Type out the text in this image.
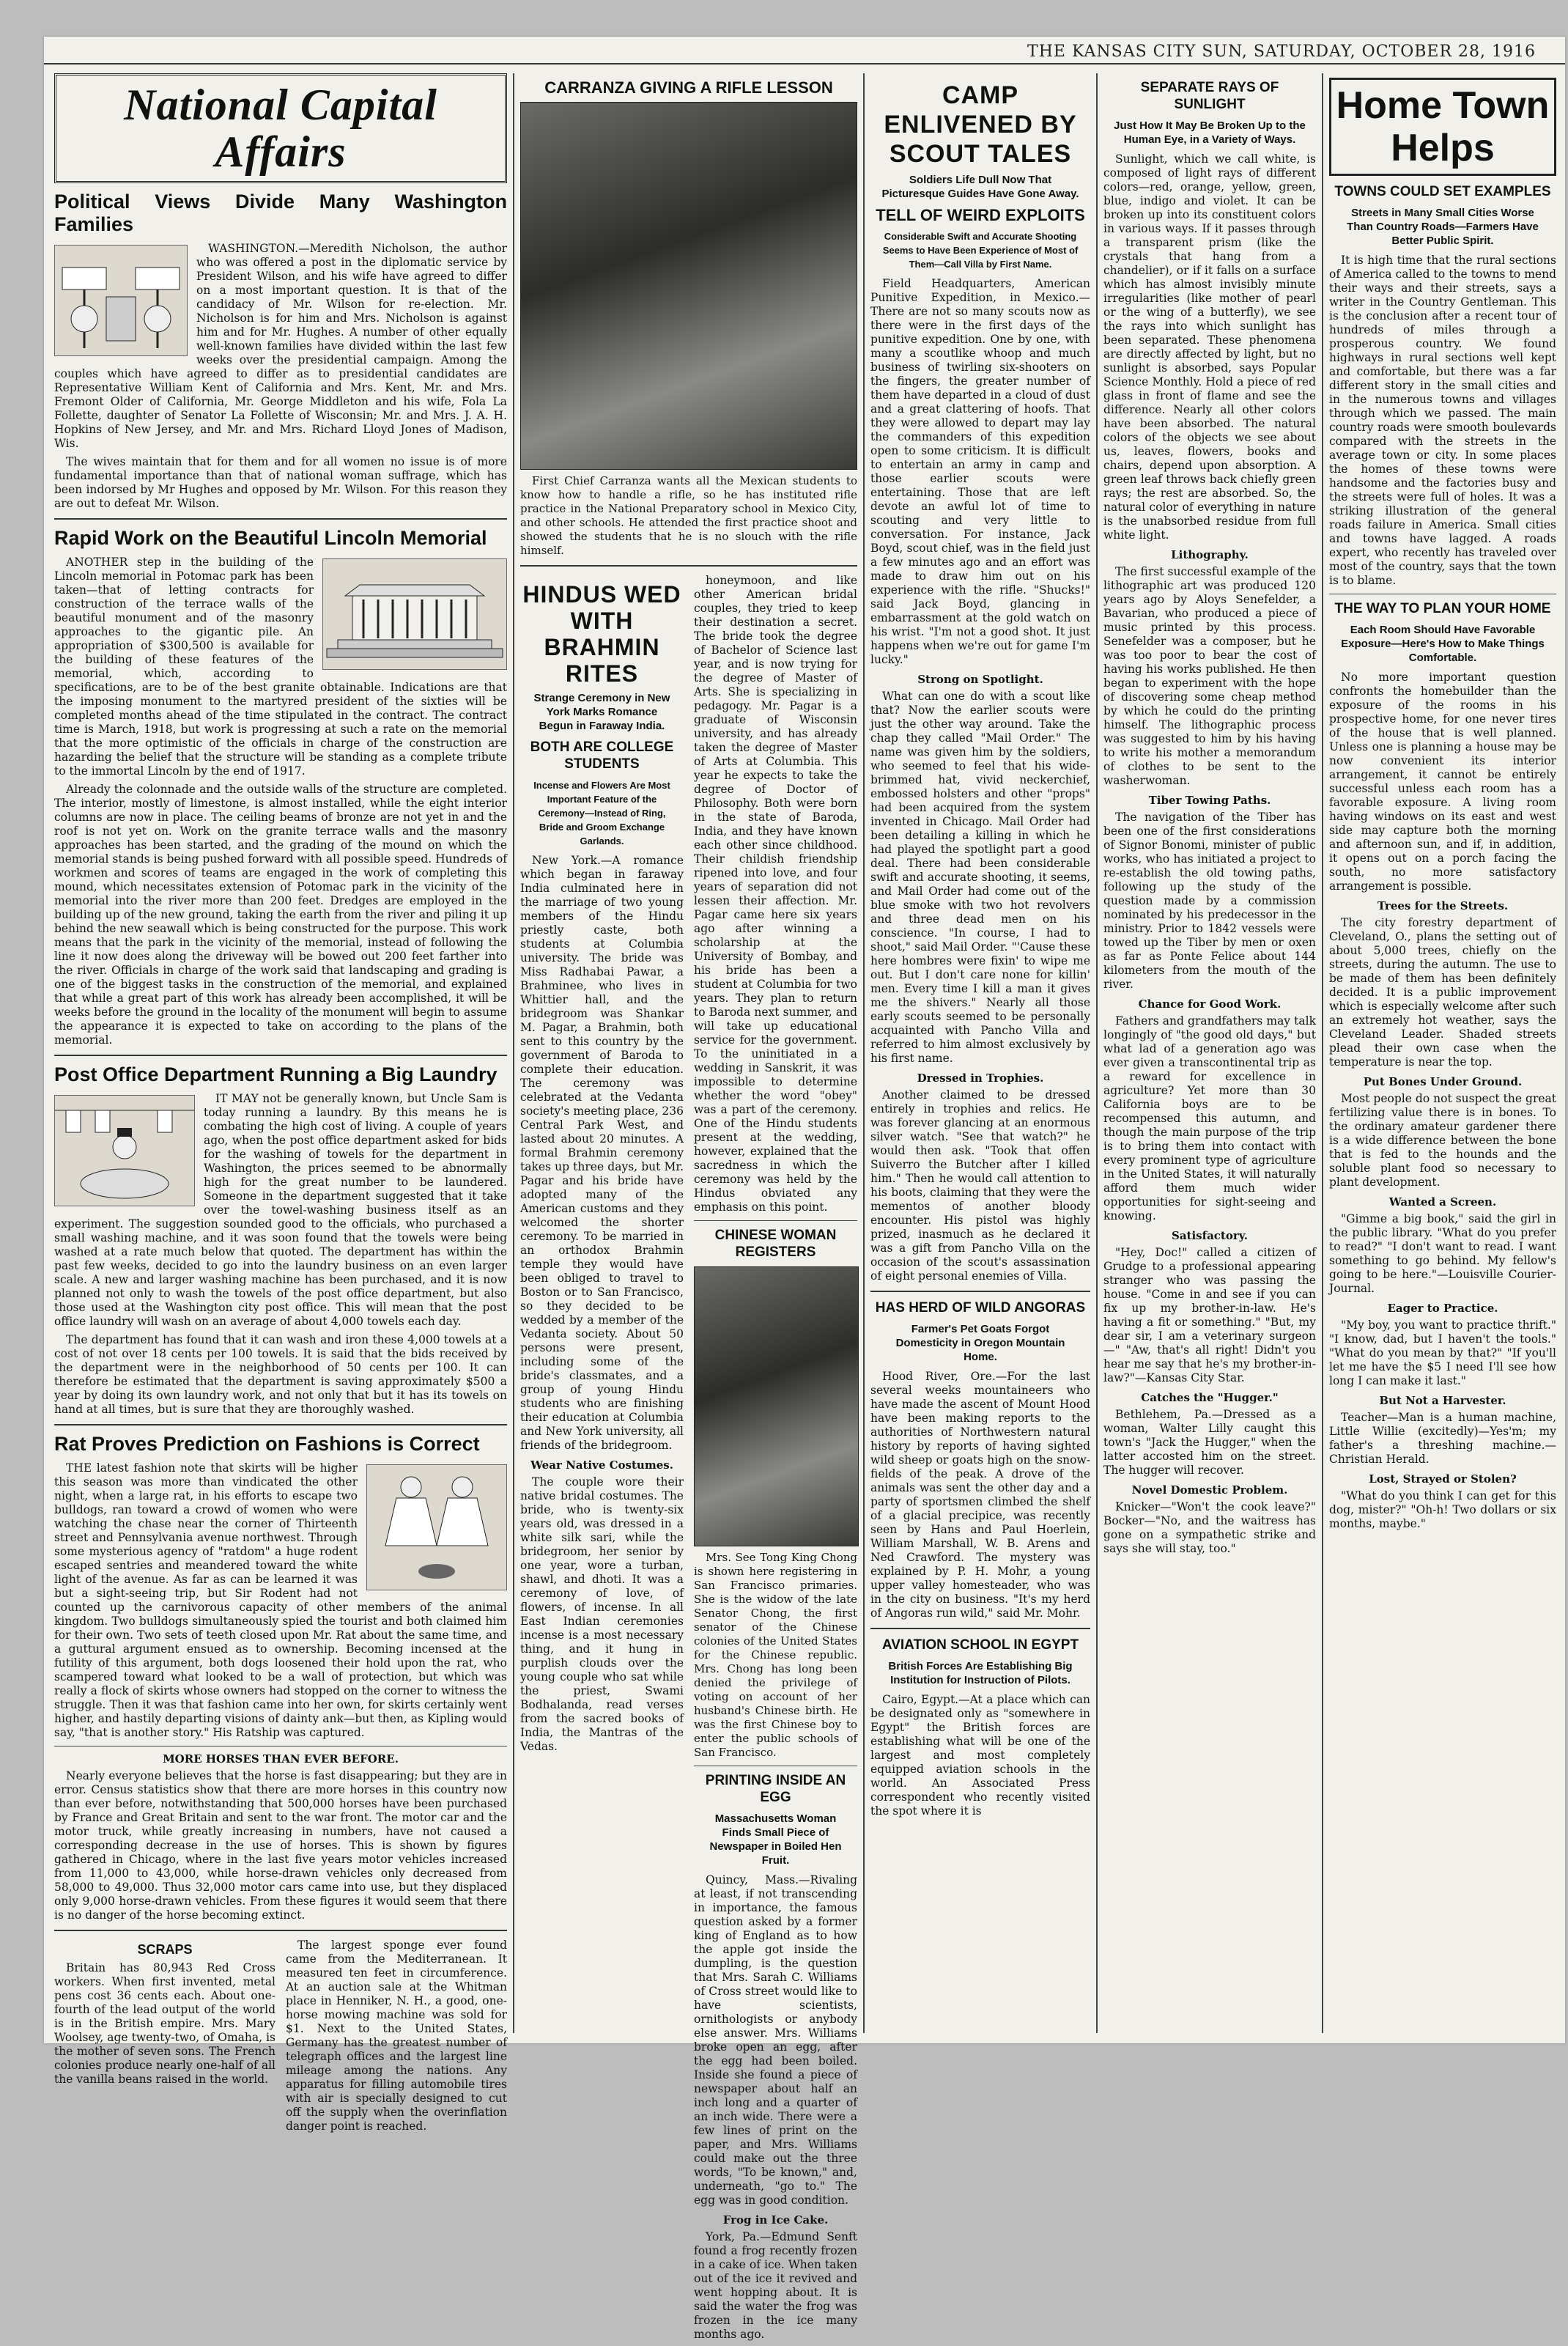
THE KANSAS CITY SUN, SATURDAY, OCTOBER 28, 1916
National Capital Affairs
Political Views Divide Many Washington Families

WASHINGTON.—Meredith Nicholson, the author who was offered a post in the diplomatic service by President Wilson, and his wife have agreed to differ on a most important question. It is that of the candidacy of Mr. Wilson for re-election. Mr. Nicholson is for him and Mrs. Nicholson is against him and for Mr. Hughes. A number of other equally well-known families have divided within the last few weeks over the presidential campaign. Among the couples which have agreed to differ as to presidential candidates are Representative William Kent of California and Mrs. Kent, Mr. and Mrs. Fremont Older of California, Mr. George Middleton and his wife, Fola La Follette, daughter of Senator La Follette of Wisconsin; Mr. and Mrs. J. A. H. Hopkins of New Jersey, and Mr. and Mrs. Richard Lloyd Jones of Madison, Wis.

The wives maintain that for them and for all women no issue is of more fundamental importance than that of national woman suffrage, which has been indorsed by Mr Hughes and opposed by Mr. Wilson. For this reason they are out to defeat Mr. Wilson.

Rapid Work on the Beautiful Lincoln Memorial

ANOTHER step in the building of the Lincoln memorial in Potomac park has been taken—that of letting contracts for construction of the terrace walls of the beautiful monument and of the masonry approaches to the gigantic pile. An appropriation of $300,500 is available for the building of these features of the memorial, which, according to specifications, are to be of the best granite obtainable. Indications are that the imposing monument to the martyred president of the sixties will be completed months ahead of the time stipulated in the contract. The contract time is March, 1918, but work is progressing at such a rate on the memorial that the more optimistic of the officials in charge of the construction are hazarding the belief that the structure will be standing as a complete tribute to the immortal Lincoln by the end of 1917.

Already the colonnade and the outside walls of the structure are completed. The interior, mostly of limestone, is almost installed, while the eight interior columns are now in place. The ceiling beams of bronze are not yet in and the roof is not yet on. Work on the granite terrace walls and the masonry approaches has been started, and the grading of the mound on which the memorial stands is being pushed forward with all possible speed. Hundreds of workmen and scores of teams are engaged in the work of completing this mound, which necessitates extension of Potomac park in the vicinity of the memorial into the river more than 200 feet. Dredges are employed in the building up of the new ground, taking the earth from the river and piling it up behind the new seawall which is being constructed for the purpose. This work means that the park in the vicinity of the memorial, instead of following the line it now does along the driveway will be bowed out 200 feet farther into the river. Officials in charge of the work said that landscaping and grading is one of the biggest tasks in the construction of the memorial, and explained that while a great part of this work has already been accomplished, it will be weeks before the ground in the locality of the monument will begin to assume the appearance it is expected to take on according to the plans of the memorial.

Post Office Department Running a Big Laundry

IT MAY not be generally known, but Uncle Sam is today running a laundry. By this means he is combating the high cost of living. A couple of years ago, when the post office department asked for bids for the washing of towels for the department in Washington, the prices seemed to be abnormally high for the great number to be laundered. Someone in the department suggested that it take over the towel-washing business itself as an experiment. The suggestion sounded good to the officials, who purchased a small washing machine, and it was soon found that the towels were being washed at a rate much below that quoted. The department has within the past few weeks, decided to go into the laundry business on an even larger scale. A new and larger washing machine has been purchased, and it is now planned not only to wash the towels of the post office department, but also those used at the Washington city post office. This will mean that the post office laundry will wash on an average of about 4,000 towels each day.

The department has found that it can wash and iron these 4,000 towels at a cost of not over 18 cents per 100 towels. It is said that the bids received by the department were in the neighborhood of 50 cents per 100. It can therefore be estimated that the department is saving approximately $500 a year by doing its own laundry work, and not only that but it has its towels on hand at all times, but is sure that they are thoroughly washed.

Rat Proves Prediction on Fashions is Correct

THE latest fashion note that skirts will be higher this season was more than vindicated the other night, when a large rat, in his efforts to escape two bulldogs, ran toward a crowd of women who were watching the chase near the corner of Thirteenth street and Pennsylvania avenue northwest. Through some mysterious agency of "ratdom" a huge rodent escaped sentries and meandered toward the white light of the avenue. As far as can be learned it was but a sight-seeing trip, but Sir Rodent had not counted up the carnivorous capacity of other members of the animal kingdom. Two bulldogs simultaneously spied the tourist and both claimed him for their own. Two sets of teeth closed upon Mr. Rat about the same time, and a guttural argument ensued as to ownership. Becoming incensed at the futility of this argument, both dogs loosened their hold upon the rat, who scampered toward what looked to be a wall of protection, but which was really a flock of skirts whose owners had stopped on the corner to witness the struggle. Then it was that fashion came into her own, for skirts certainly went higher, and hastily departing visions of dainty ank—but then, as Kipling would say, "that is another story." His Ratship was captured.

MORE HORSES THAN EVER BEFORE.

Nearly everyone believes that the horse is fast disappearing; but they are in error. Census statistics show that there are more horses in this country now than ever before, notwithstanding that 500,000 horses have been purchased by France and Great Britain and sent to the war front. The motor car and the motor truck, while greatly increasing in numbers, have not caused a corresponding decrease in the use of horses. This is shown by figures gathered in Chicago, where in the last five years motor vehicles increased from 11,000 to 43,000, while horse-drawn vehicles only decreased from 58,000 to 49,000. Thus 32,000 motor cars came into use, but they displaced only 9,000 horse-drawn vehicles. From these figures it would seem that there is no danger of the horse becoming extinct.

SCRAPS

Britain has 80,943 Red Cross workers. When first invented, metal pens cost 36 cents each. About one-fourth of the lead output of the world is in the British empire. Mrs. Mary Woolsey, age twenty-two, of Omaha, is the mother of seven sons. The French colonies produce nearly one-half of all the vanilla beans raised in the world.

The largest sponge ever found came from the Mediterranean. It measured ten feet in circumference. At an auction sale at the Whitman place in Henniker, N. H., a good, one-horse mowing machine was sold for $1. Next to the United States, Germany has the greatest number of telegraph offices and the largest line mileage among the nations. Any apparatus for filling automobile tires with air is specially designed to cut off the supply when the overinflation danger point is reached.

CARRANZA GIVING A RIFLE LESSON

First Chief Carranza wants all the Mexican students to know how to handle a rifle, so he has instituted rifle practice in the National Preparatory school in Mexico City, and other schools. He attended the first practice shoot and showed the students that he is no slouch with the rifle himself.

HINDUS WED WITH BRAHMIN RITES
Strange Ceremony in New York Marks Romance Begun in Faraway India.
BOTH ARE COLLEGE STUDENTS
Incense and Flowers Are Most Important Feature of the Ceremony—Instead of Ring, Bride and Groom Exchange Garlands.

New York.—A romance which began in faraway India culminated here in the marriage of two young members of the Hindu priestly caste, both students at Columbia university. The bride was Miss Radhabai Pawar, a Brahminee, who lives in Whittier hall, and the bridegroom was Shankar M. Pagar, a Brahmin, both sent to this country by the government of Baroda to complete their education. The ceremony was celebrated at the Vedanta society's meeting place, 236 Central Park West, and lasted about 20 minutes. A formal Brahmin ceremony takes up three days, but Mr. Pagar and his bride have adopted many of the American customs and they welcomed the shorter ceremony. To be married in an orthodox Brahmin temple they would have been obliged to travel to Boston or to San Francisco, so they decided to be wedded by a member of the Vedanta society. About 50 persons were present, including some of the bride's classmates, and a group of young Hindu students who are finishing their education at Columbia and New York university, all friends of the bridegroom.

Wear Native Costumes.

The couple wore their native bridal costumes. The bride, who is twenty-six years old, was dressed in a white silk sari, while the bridegroom, her senior by one year, wore a turban, shawl, and dhoti. It was a ceremony of love, of flowers, of incense. In all East Indian ceremonies incense is a most necessary thing, and it hung in purplish clouds over the young couple who sat while the priest, Swami Bodhalanda, read verses from the sacred books of India, the Mantras of the Vedas.

honeymoon, and like other American bridal couples, they tried to keep their destination a secret. The bride took the degree of Bachelor of Science last year, and is now trying for the degree of Master of Arts. She is specializing in pedagogy. Mr. Pagar is a graduate of Wisconsin university, and has already taken the degree of Master of Arts at Columbia. This year he expects to take the degree of Doctor of Philosophy. Both were born in the state of Baroda, India, and they have known each other since childhood. Their childish friendship ripened into love, and four years of separation did not lessen their affection. Mr. Pagar came here six years ago after winning a scholarship at the University of Bombay, and his bride has been a student at Columbia for two years. They plan to return to Baroda next summer, and will take up educational service for the government. To the uninitiated in a wedding in Sanskrit, it was impossible to determine whether the word "obey" was a part of the ceremony. One of the Hindu students present at the wedding, however, explained that the sacredness in which the ceremony was held by the Hindus obviated any emphasis on this point.

CHINESE WOMAN REGISTERS

Mrs. See Tong King Chong is shown here registering in San Francisco primaries. She is the widow of the late Senator Chong, the first senator of the Chinese colonies of the United States for the Chinese republic. Mrs. Chong has long been denied the privilege of voting on account of her husband's Chinese birth. He was the first Chinese boy to enter the public schools of San Francisco.

PRINTING INSIDE AN EGG
Massachusetts Woman Finds Small Piece of Newspaper in Boiled Hen Fruit.

Quincy, Mass.—Rivaling at least, if not transcending in importance, the famous question asked by a former king of England as to how the apple got inside the dumpling, is the question that Mrs. Sarah C. Williams of Cross street would like to have scientists, ornithologists or anybody else answer. Mrs. Williams broke open an egg, after the egg had been boiled. Inside she found a piece of newspaper about half an inch long and a quarter of an inch wide. There were a few lines of print on the paper, and Mrs. Williams could make out the three words, "To be known," and, underneath, "go to." The egg was in good condition.

Frog in Ice Cake.

York, Pa.—Edmund Senft found a frog recently frozen in a cake of ice. When taken out of the ice it revived and went hopping about. It is said the water the frog was frozen in the ice many months ago.

CAMP ENLIVENED BY SCOUT TALES
Soldiers Life Dull Now That Picturesque Guides Have Gone Away.
TELL OF WEIRD EXPLOITS
Considerable Swift and Accurate Shooting Seems to Have Been Experience of Most of Them—Call Villa by First Name.

Field Headquarters, American Punitive Expedition, in Mexico.—There are not so many scouts now as there were in the first days of the punitive expedition. One by one, with many a scoutlike whoop and much business of twirling six-shooters on the fingers, the greater number of them have departed in a cloud of dust and a great clattering of hoofs. That they were allowed to depart may lay the commanders of this expedition open to some criticism. It is difficult to entertain an army in camp and those earlier scouts were entertaining. Those that are left devote an awful lot of time to scouting and very little to conversation. For instance, Jack Boyd, scout chief, was in the field just a few minutes ago and an effort was made to draw him out on his experience with the rifle. "Shucks!" said Jack Boyd, glancing in embarrassment at the gold watch on his wrist. "I'm not a good shot. It just happens when we're out for game I'm lucky."

Strong on Spotlight.

What can one do with a scout like that? Now the earlier scouts were just the other way around. Take the chap they called "Mail Order." The name was given him by the soldiers, who seemed to feel that his wide-brimmed hat, vivid neckerchief, embossed holsters and other "props" had been acquired from the system invented in Chicago. Mail Order had been detailing a killing in which he had played the spotlight part a good deal. There had been considerable swift and accurate shooting, it seems, and Mail Order had come out of the blue smoke with two hot revolvers and three dead men on his conscience. "In course, I had to shoot," said Mail Order. "'Cause these here hombres were fixin' to wipe me out. But I don't care none for killin' men. Every time I kill a man it gives me the shivers." Nearly all those early scouts seemed to be personally acquainted with Pancho Villa and referred to him almost exclusively by his first name.

Dressed in Trophies.

Another claimed to be dressed entirely in trophies and relics. He was forever glancing at an enormous silver watch. "See that watch?" he would then ask. "Took that offen Suiverro the Butcher after I killed him." Then he would call attention to his boots, claiming that they were the mementos of another bloody encounter. His pistol was highly prized, inasmuch as he declared it was a gift from Pancho Villa on the occasion of the scout's assassination of eight personal enemies of Villa.

HAS HERD OF WILD ANGORAS
Farmer's Pet Goats Forgot Domesticity in Oregon Mountain Home.

Hood River, Ore.—For the last several weeks mountaineers who have made the ascent of Mount Hood have been making reports to the authorities of Northwestern natural history by reports of having sighted wild sheep or goats high on the snow-fields of the peak. A drove of the animals was sent the other day and a party of sportsmen climbed the shelf of a glacial precipice, was recently seen by Hans and Paul Hoerlein, William Marshall, W. B. Arens and Ned Crawford. The mystery was explained by P. H. Mohr, a young upper valley homesteader, who was in the city on business. "It's my herd of Angoras run wild," said Mr. Mohr.

AVIATION SCHOOL IN EGYPT
British Forces Are Establishing Big Institution for Instruction of Pilots.

Cairo, Egypt.—At a place which can be designated only as "somewhere in Egypt" the British forces are establishing what will be one of the largest and most completely equipped aviation schools in the world. An Associated Press correspondent who recently visited the spot where it is

SEPARATE RAYS OF SUNLIGHT
Just How It May Be Broken Up to the Human Eye, in a Variety of Ways.

Sunlight, which we call white, is composed of light rays of different colors—red, orange, yellow, green, blue, indigo and violet. It can be broken up into its constituent colors in various ways. If it passes through a transparent prism (like the crystals that hang from a chandelier), or if it falls on a surface which has almost invisibly minute irregularities (like mother of pearl or the wing of a butterfly), we see the rays into which sunlight has been separated. These phenomena are directly affected by light, but no sunlight is absorbed, says Popular Science Monthly. Hold a piece of red glass in front of flame and see the difference. Nearly all other colors have been absorbed. The natural colors of the objects we see about us, leaves, flowers, books and chairs, depend upon absorption. A green leaf throws back chiefly green rays; the rest are absorbed. So, the natural color of everything in nature is the unabsorbed residue from full white light.

Lithography.

The first successful example of the lithographic art was produced 120 years ago by Aloys Senefelder, a Bavarian, who produced a piece of music printed by this process. Senefelder was a composer, but he was too poor to bear the cost of having his works published. He then began to experiment with the hope of discovering some cheap method by which he could do the printing himself. The lithographic process was suggested to him by his having to write his mother a memorandum of clothes to be sent to the washerwoman.

Tiber Towing Paths.

The navigation of the Tiber has been one of the first considerations of Signor Bonomi, minister of public works, who has initiated a project to re-establish the old towing paths, following up the study of the question made by a commission nominated by his predecessor in the ministry. Prior to 1842 vessels were towed up the Tiber by men or oxen as far as Ponte Felice about 144 kilometers from the mouth of the river.

Chance for Good Work.

Fathers and grandfathers may talk longingly of "the good old days," but what lad of a generation ago was ever given a transcontinental trip as a reward for excellence in agriculture? Yet more than 30 California boys are to be recompensed this autumn, and though the main purpose of the trip is to bring them into contact with every prominent type of agriculture in the United States, it will naturally afford them much wider opportunities for sight-seeing and knowing.

Satisfactory.

"Hey, Doc!" called a citizen of Grudge to a professional appearing stranger who was passing the house. "Come in and see if you can fix up my brother-in-law. He's having a fit or something." "But, my dear sir, I am a veterinary surgeon—" "Aw, that's all right! Didn't you hear me say that he's my brother-in-law?"—Kansas City Star.

Catches the "Hugger."

Bethlehem, Pa.—Dressed as a woman, Walter Lilly caught this town's "Jack the Hugger," when the latter accosted him on the street. The hugger will recover.

Novel Domestic Problem.

Knicker—"Won't the cook leave?" Bocker—"No, and the waitress has gone on a sympathetic strike and says she will stay, too."

Home Town Helps
TOWNS COULD SET EXAMPLES
Streets in Many Small Cities Worse Than Country Roads—Farmers Have Better Public Spirit.

It is high time that the rural sections of America called to the towns to mend their ways and their streets, says a writer in the Country Gentleman. This is the conclusion after a recent tour of hundreds of miles through a prosperous country. We found highways in rural sections well kept and comfortable, but there was a far different story in the small cities and in the numerous towns and villages through which we passed. The main country roads were smooth boulevards compared with the streets in the average town or city. In some places the homes of these towns were handsome and the factories busy and the streets were full of holes. It was a striking illustration of the general roads failure in America. Small cities and towns have lagged. A roads expert, who recently has traveled over most of the country, says that the town is to blame.

THE WAY TO PLAN YOUR HOME
Each Room Should Have Favorable Exposure—Here's How to Make Things Comfortable.

No more important question confronts the homebuilder than the exposure of the rooms in his prospective home, for one never tires of the house that is well planned. Unless one is planning a house may be now convenient its interior arrangement, it cannot be entirely successful unless each room has a favorable exposure. A living room having windows on its east and west side may capture both the morning and afternoon sun, and if, in addition, it opens out on a porch facing the south, no more satisfactory arrangement is possible.

Trees for the Streets.

The city forestry department of Cleveland, O., plans the setting out of about 5,000 trees, chiefly on the streets, during the autumn. The use to be made of them has been definitely decided. It is a public improvement which is especially welcome after such an extremely hot weather, says the Cleveland Leader. Shaded streets plead their own case when the temperature is near the top.

Put Bones Under Ground.

Most people do not suspect the great fertilizing value there is in bones. To the ordinary amateur gardener there is a wide difference between the bone that is fed to the hounds and the soluble plant food so necessary to plant development.

Wanted a Screen.

"Gimme a big book," said the girl in the public library. "What do you prefer to read?" "I don't want to read. I want something to go behind. My fellow's going to be here."—Louisville Courier-Journal.

Eager to Practice.

"My boy, you want to practice thrift." "I know, dad, but I haven't the tools." "What do you mean by that?" "If you'll let me have the $5 I need I'll see how long I can make it last."

But Not a Harvester.

Teacher—Man is a human machine, Little Willie (excitedly)—Yes'm; my father's a threshing machine.—Christian Herald.

Lost, Strayed or Stolen?

"What do you think I can get for this dog, mister?" "Oh-h! Two dollars or six months, maybe."
